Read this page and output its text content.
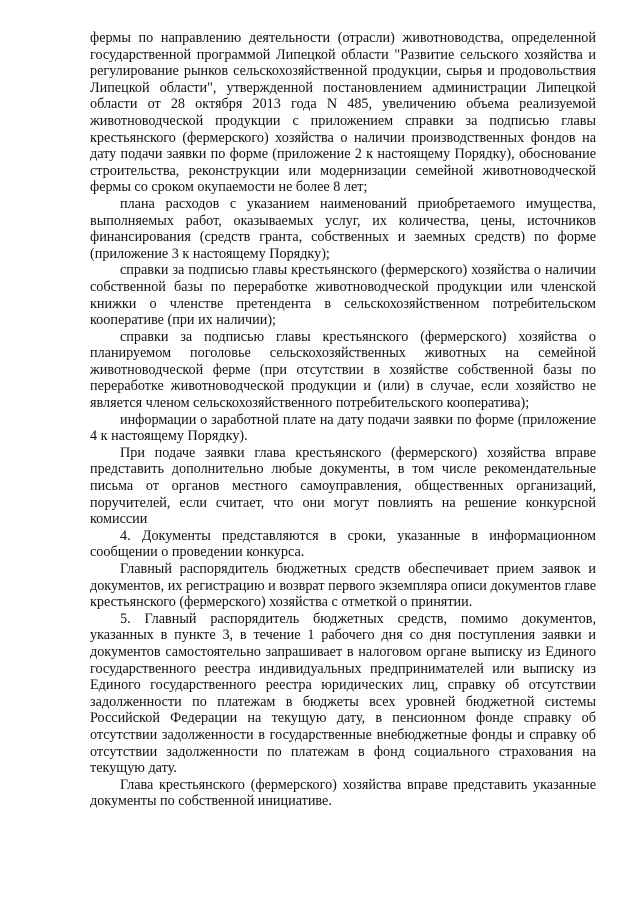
фермы по направлению деятельности (отрасли) животноводства, определенной государственной программой Липецкой области "Развитие сельского хозяйства и регулирование рынков сельскохозяйственной продукции, сырья и продовольствия Липецкой области", утвержденной постановлением администрации Липецкой области от 28 октября 2013 года N 485, увеличению объема реализуемой животноводческой продукции с приложением справки за подписью главы крестьянского (фермерского) хозяйства о наличии производственных фондов на дату подачи заявки по форме (приложение 2 к настоящему Порядку), обоснование строительства, реконструкции или модернизации семейной животноводческой фермы со сроком окупаемости не более 8 лет;

плана расходов с указанием наименований приобретаемого имущества, выполняемых работ, оказываемых услуг, их количества, цены, источников финансирования (средств гранта, собственных и заемных средств) по форме (приложение 3 к настоящему Порядку);

справки за подписью главы крестьянского (фермерского) хозяйства о наличии собственной базы по переработке животноводческой продукции или членской книжки о членстве претендента в сельскохозяйственном потребительском кооперативе (при их наличии);

справки за подписью главы крестьянского (фермерского) хозяйства о планируемом поголовье сельскохозяйственных животных на семейной животноводческой ферме (при отсутствии в хозяйстве собственной базы по переработке животноводческой продукции и (или) в случае, если хозяйство не является членом сельскохозяйственного потребительского кооператива);

информации о заработной плате на дату подачи заявки по форме (приложение 4 к настоящему Порядку).

При подаче заявки глава крестьянского (фермерского) хозяйства вправе представить дополнительно любые документы, в том числе рекомендательные письма от органов местного самоуправления, общественных организаций, поручителей, если считает, что они могут повлиять на решение конкурсной комиссии

4. Документы представляются в сроки, указанные в информационном сообщении о проведении конкурса.

Главный распорядитель бюджетных средств обеспечивает прием заявок и документов, их регистрацию и возврат первого экземпляра описи документов главе крестьянского (фермерского) хозяйства с отметкой о принятии.

5. Главный распорядитель бюджетных средств, помимо документов, указанных в пункте 3, в течение 1 рабочего дня со дня поступления заявки и документов самостоятельно запрашивает в налоговом органе выписку из Единого государственного реестра индивидуальных предпринимателей или выписку из Единого государственного реестра юридических лиц, справку об отсутствии задолженности по платежам в бюджеты всех уровней бюджетной системы Российской Федерации на текущую дату, в пенсионном фонде справку об отсутствии задолженности в государственные внебюджетные фонды и справку об отсутствии задолженности по платежам в фонд социального страхования на текущую дату.

Глава крестьянского (фермерского) хозяйства вправе представить указанные документы по собственной инициативе.
